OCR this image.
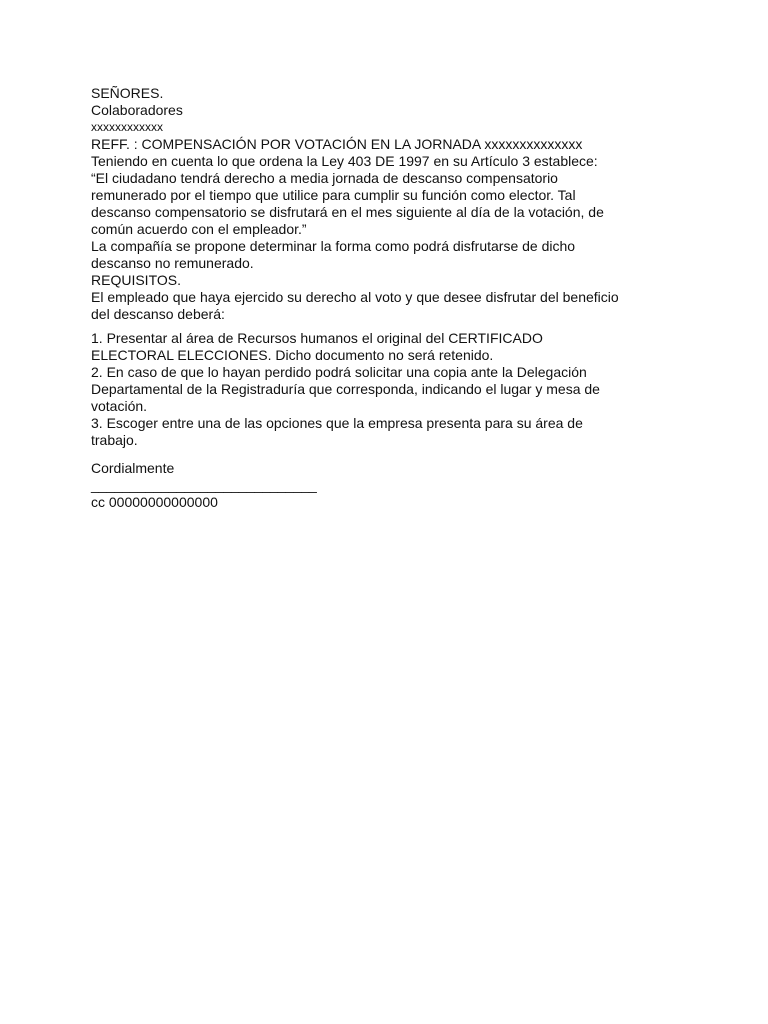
SEÑORES.
Colaboradores
xxxxxxxxxxxx
REFF. : COMPENSACIÓN POR VOTACIÓN EN LA JORNADA xxxxxxxxxxxxxx
Teniendo en cuenta lo que ordena la Ley 403 DE 1997 en su Artículo 3 establece:
“El ciudadano tendrá derecho a media jornada de descanso compensatorio
remunerado por el tiempo que utilice para cumplir su función como elector. Tal
descanso compensatorio se disfrutará en el mes siguiente al día de la votación, de
común acuerdo con el empleador.”
La compañía se propone determinar la forma como podrá disfrutarse de dicho
descanso no remunerado.
REQUISITOS.
El empleado que haya ejercido su derecho al voto y que desee disfrutar del beneficio
del descanso deberá:
1. Presentar al área de Recursos humanos el original del CERTIFICADO
ELECTORAL ELECCIONES. Dicho documento no será retenido.
2. En caso de que lo hayan perdido podrá solicitar una copia ante la Delegación
Departamental de la Registraduría que corresponda, indicando el lugar y mesa de
votación.
3. Escoger entre una de las opciones que la empresa presenta para su área de
trabajo.
Cordialmente
_____________________________
cc 00000000000000
